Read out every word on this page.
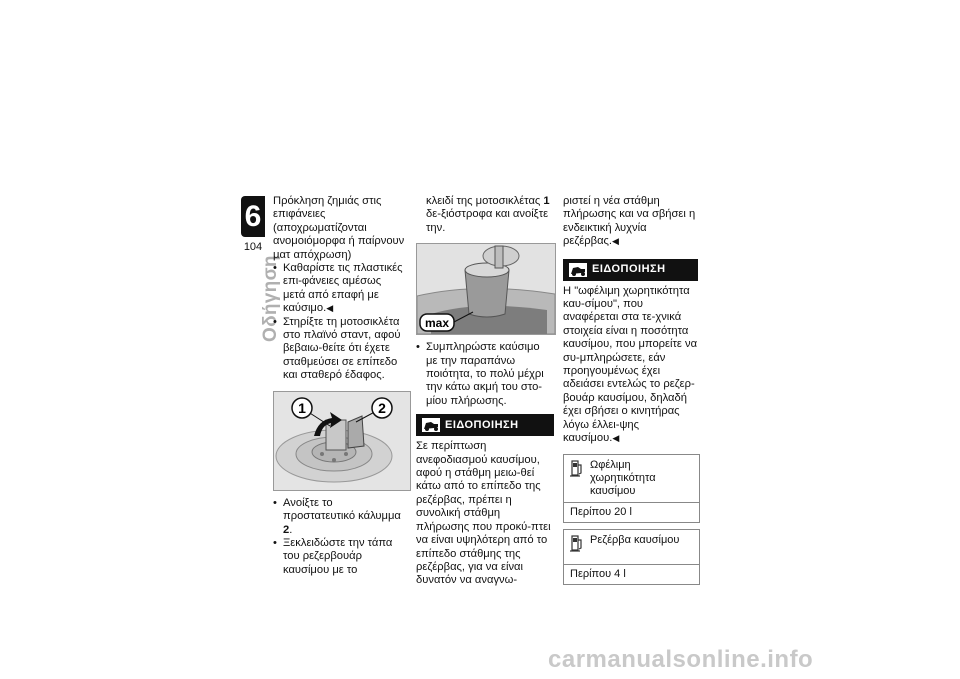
6
104
Οδήγηση

Πρόκληση ζημιάς στις επιφάνειες (αποχρωματίζονται ανομοιόμορφα ή παίρνουν ματ απόχρωση)

• Καθαρίστε τις πλαστικές επι-φάνειες αμέσως μετά από επαφή με καύσιμο.◀

• Στηρίξτε τη μοτοσικλέτα στο πλαϊνό σταντ, αφού βεβαιω-θείτε ότι έχετε σταθμεύσει σε επίπεδο και σταθερό έδαφος.

1	2

• Ανοίξτε το προστατευτικό κάλυμμα 2.

• Ξεκλειδώστε την τάπα του ρεζερβουάρ καυσίμου με το

κλειδί της μοτοσικλέτας 1 δε-ξιόστροφα και ανοίξτε την.

max

• Συμπληρώστε καύσιμο με την παραπάνω ποιότητα, το πολύ μέχρι την κάτω ακμή του στο-μίου πλήρωσης.

ΕΙΔΟΠΟΙΗΣΗ

Σε περίπτωση ανεφοδιασμού καυσίμου, αφού η στάθμη μειω-θεί κάτω από το επίπεδο της ρεζέρβας, πρέπει η συνολική στάθμη πλήρωσης που προκύ-πτει να είναι υψηλότερη από το επίπεδο στάθμης της ρεζέρβας, για να είναι δυνατόν να αναγνω-

ριστεί η νέα στάθμη πλήρωσης και να σβήσει η ενδεικτική λυχνία ρεζέρβας.◀

ΕΙΔΟΠΟΙΗΣΗ

Η "ωφέλιμη χωρητικότητα καυ-σίμου", που αναφέρεται στα τε-χνικά στοιχεία είναι η ποσότητα καυσίμου, που μπορείτε να συ-μπληρώσετε, εάν προηγουμένως έχει αδειάσει εντελώς το ρεζερ-βουάρ καυσίμου, δηλαδή έχει σβήσει ο κινητήρας λόγω έλλει-ψης καυσίμου.◀

Ωφέλιμη χωρητικότητα καυσίμου
Περίπου 20 l
Ρεζέρβα καυσίμου
Περίπου 4 l
carmanualsonline.info
